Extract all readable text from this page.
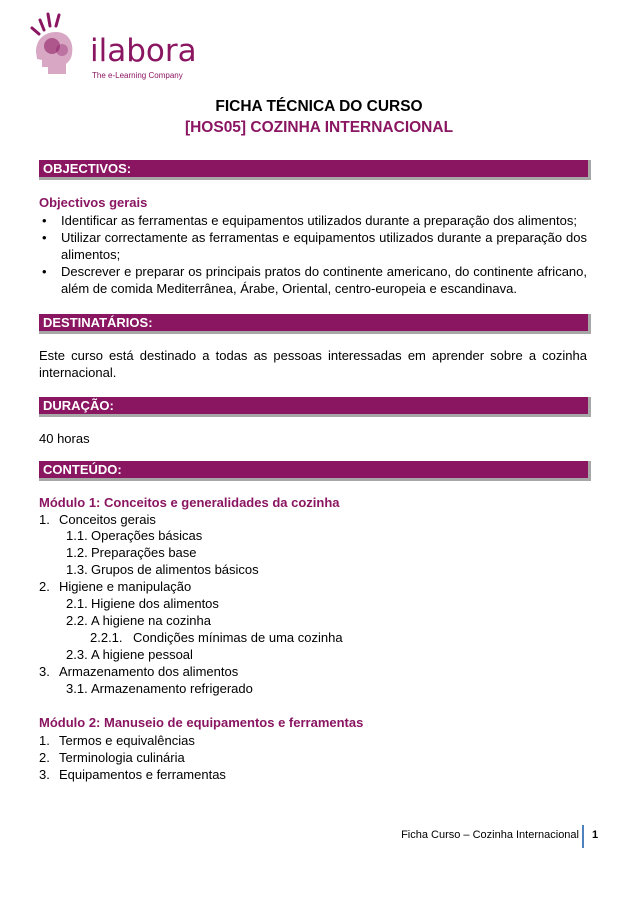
ilabora
The e-Learning Company
FICHA TÉCNICA DO CURSO
[HOS05] COZINHA INTERNACIONAL
OBJECTIVOS:
Objectivos gerais
• Identificar as ferramentas e equipamentos utilizados durante a preparação dos alimentos;
• Utilizar correctamente as ferramentas e equipamentos utilizados durante a preparação dos alimentos;
• Descrever e preparar os principais pratos do continente americano, do continente africano, além de comida Mediterrânea, Árabe, Oriental, centro-europeia e escandinava.
DESTINATÁRIOS:
Este curso está destinado a todas as pessoas interessadas em aprender sobre a cozinha internacional.
DURAÇÃO:
40 horas
CONTEÚDO:
Módulo 1: Conceitos e generalidades da cozinha
1. Conceitos gerais
1.1. Operações básicas
1.2. Preparações base
1.3. Grupos de alimentos básicos
2. Higiene e manipulação
2.1. Higiene dos alimentos
2.2. A higiene na cozinha
2.2.1. Condições mínimas de uma cozinha
2.3. A higiene pessoal
3. Armazenamento dos alimentos
3.1. Armazenamento refrigerado
Módulo 2: Manuseio de equipamentos e ferramentas
1. Termos e equivalências
2. Terminologia culinária
3. Equipamentos e ferramentas
Ficha Curso – Cozinha Internacional 1
